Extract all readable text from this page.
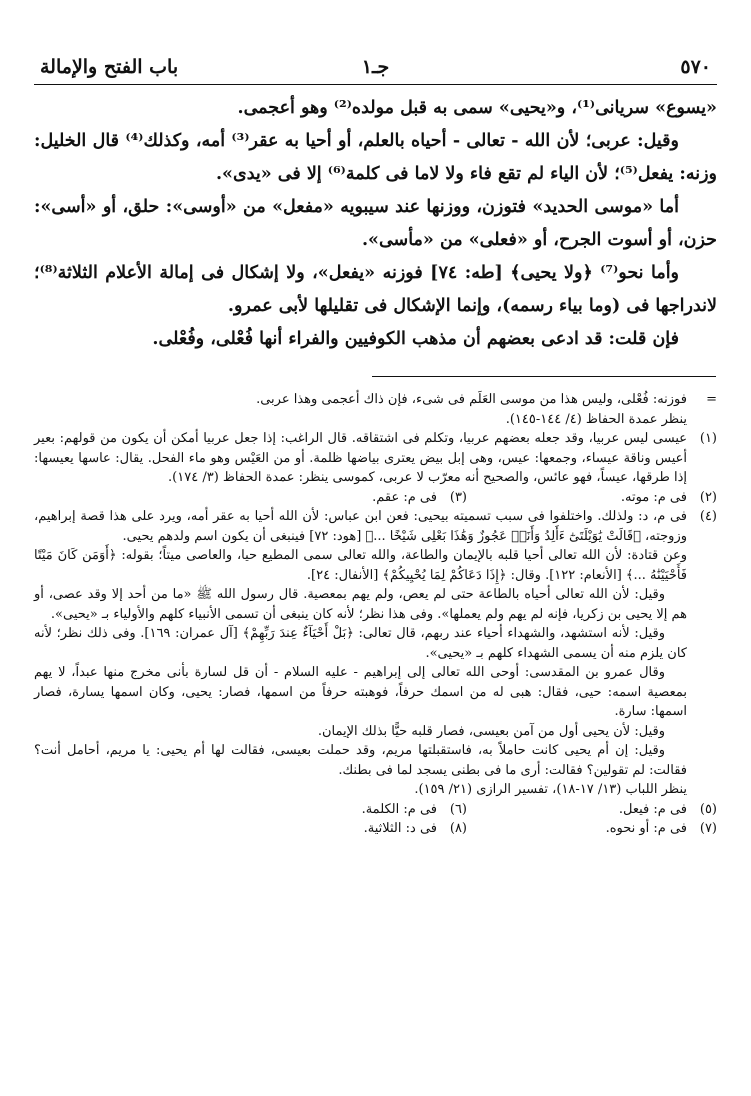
٥٧٠
جـ١
باب الفتح والإمالة

«يسوع» سريانى⁽¹⁾، و«يحيى» سمى به قبل مولده⁽²⁾ وهو أعجمى.

وقيل: عربى؛ لأن الله - تعالى - أحياه بالعلم، أو أحيا به عقر⁽³⁾ أمه، وكذلك⁽⁴⁾ قال الخليل: وزنه: يفعل⁽⁵⁾؛ لأن الياء لم تقع فاء ولا لاما فى كلمة⁽⁶⁾ إلا فى «يدى».

أما «موسى الحديد» فتوزن، ووزنها عند سيبويه «مفعل» من «أوسى»: حلق، أو «أسى»: حزن، أو أسوت الجرح، أو «فعلى» من «مأسى».

وأما نحو⁽⁷⁾ ﴿ولا يحيى﴾ [طه: ٧٤] فوزنه «يفعل»، ولا إشكال فى إمالة الأعلام الثلاثة⁽⁸⁾؛ لاندراجها فى (وما بياء رسمه)، وإنما الإشكال فى تقليلها لأبى عمرو.

فإن قلت: قد ادعى بعضهم أن مذهب الكوفيين والفراء أنها فُعْلى، وفُعْلى.

=

فوزنه: فُعْلى، وليس هذا من موسى العَلَم فى شىء، فإن ذاك أعجمى وهذا عربى.

ينظر عمدة الحفاظ (٤/ ١٤٤-١٤٥).

(١)

عيسى ليس عربيا، وقد جعله بعضهم عربيا، وتكلم فى اشتقاقه. قال الراغب: إذا جعل عربيا أمكن أن يكون من قولهم: بعير أعيس وناقة عيساء، وجمعها: عيس، وهى إبل بيض يعترى بياضها ظلمة. أو من العَيْس وهو ماء الفحل. يقال: عاسها يعيسها: إذا طرقها، عيساً، فهو عائس، والصحيح أنه معرّب لا عربى، كموسى ينظر: عمدة الحفاظ (٣/ ١٧٤).

(٢)
فى م: موته.
(٣)
فى م: عقم.
(٤)

فى م، د: ولذلك. واختلفوا فى سبب تسميته بيحيى: فعن ابن عباس: لأن الله أحيا به عقر أمه، ويرد على هذا قصة إبراهيم، وزوجته، ﴿قَالَتْ يَٰوَيْلَتَىٰٓ ءَأَلِدُ وَأَنَا۠ عَجُوزٌ وَهَٰذَا بَعْلِى شَيْخًا ...﴾ [هود: ٧٢] فينبغى أن يكون اسم ولدهم يحيى.

وعن قتادة: لأن الله تعالى أحيا قلبه بالإيمان والطاعة، والله تعالى سمى المطيع حيا، والعاصى ميتاً؛ بقوله: ﴿أَوَمَن كَانَ مَيْتًا فَأَحْيَيْنَٰهُ ...﴾ [الأنعام: ١٢٢]. وقال: ﴿إِذَا دَعَاكُمْ لِمَا يُحْيِيكُمْ﴾ [الأنفال: ٢٤].

وقيل: لأن الله تعالى أحياه بالطاعة حتى لم يعص، ولم يهم بمعصية. قال رسول الله ﷺ «ما من أحد إلا وقد عصى، أو هم إلا يحيى بن زكريا، فإنه لم يهم ولم يعملها». وفى هذا نظر؛ لأنه كان ينبغى أن تسمى الأنبياء كلهم والأولياء بـ «يحيى».

وقيل: لأنه استشهد، والشهداء أحياء عند ربهم، قال تعالى: ﴿بَلْ أَحْيَآءٌ عِندَ رَبِّهِمْ﴾ [آل عمران: ١٦٩]. وفى ذلك نظر؛ لأنه كان يلزم منه أن يسمى الشهداء كلهم بـ «يحيى».

وقال عمرو بن المقدسى: أوحى الله تعالى إلى إبراهيم - عليه السلام - أن قل لسارة بأنى مخرج منها عبداً، لا يهم بمعصية اسمه: حيى، فقال: هبى له من اسمك حرفاً، فوهبته حرفاً من اسمها، فصار: يحيى، وكان اسمها يسارة، فصار اسمها: سارة.

وقيل: لأن يحيى أول من آمن بعيسى، فصار قلبه حيًّا بذلك الإيمان.

وقيل: إن أم يحيى كانت حاملاً به، فاستقبلتها مريم، وقد حملت بعيسى، فقالت لها أم يحيى: يا مريم، أحامل أنت؟ فقالت: لم تقولين؟ فقالت: أرى ما فى بطنى يسجد لما فى بطنك.

ينظر اللباب (١٣/ ١٧-١٨)، تفسير الرازى (٢١/ ١٥٩).

(٥)
فى م: فيعل.
(٦)
فى م: الكلمة.
(٧)
فى م: أو نحوه.
(٨)
فى د: الثلاثية.
